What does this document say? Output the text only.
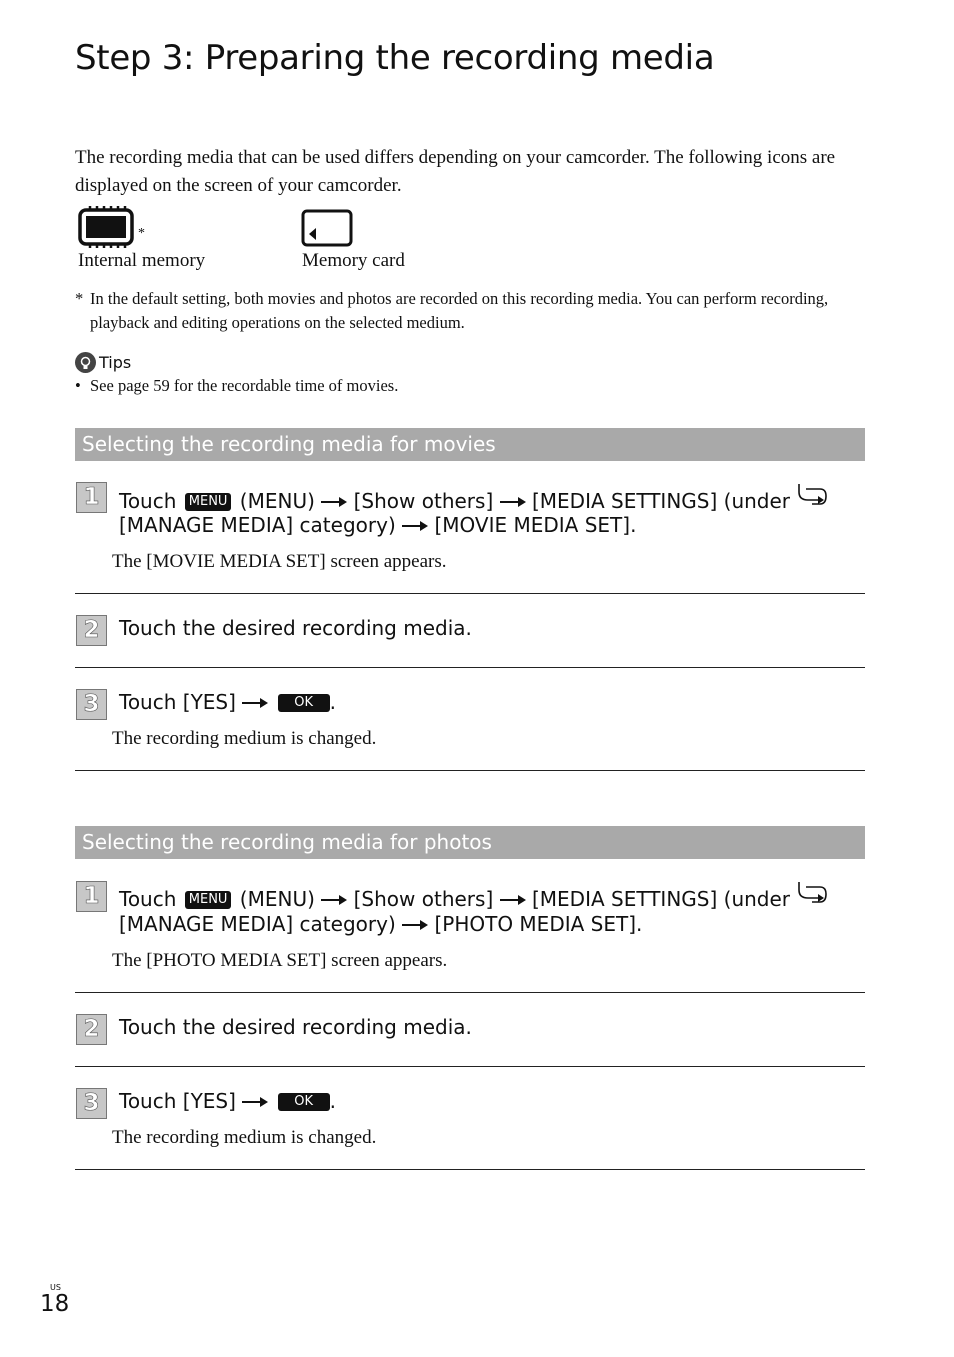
Step 3: Preparing the recording media
The recording media that can be used differs depending on your camcorder. The following icons are displayed on the screen of your camcorder.
*
Internal memory	Memory card
* In the default setting, both movies and photos are recorded on this recording media. You can perform recording, playback and editing operations on the selected medium.
Tips
• See page 59 for the recordable time of movies.
Selecting the recording media for movies
1 Touch MENU (MENU) [Show others] [MEDIA SETTINGS] (under
[MANAGE MEDIA] category) [MOVIE MEDIA SET].
The [MOVIE MEDIA SET] screen appears.
2 Touch the desired recording media.
3 Touch [YES]	OK .
The recording medium is changed.
Selecting the recording media for photos
1 Touch MENU (MENU) [Show others] [MEDIA SETTINGS] (under
[MANAGE MEDIA] category) [PHOTO MEDIA SET].
The [PHOTO MEDIA SET] screen appears.
2 Touch the desired recording media.
3 Touch [YES]	OK .
The recording medium is changed.
US
18
